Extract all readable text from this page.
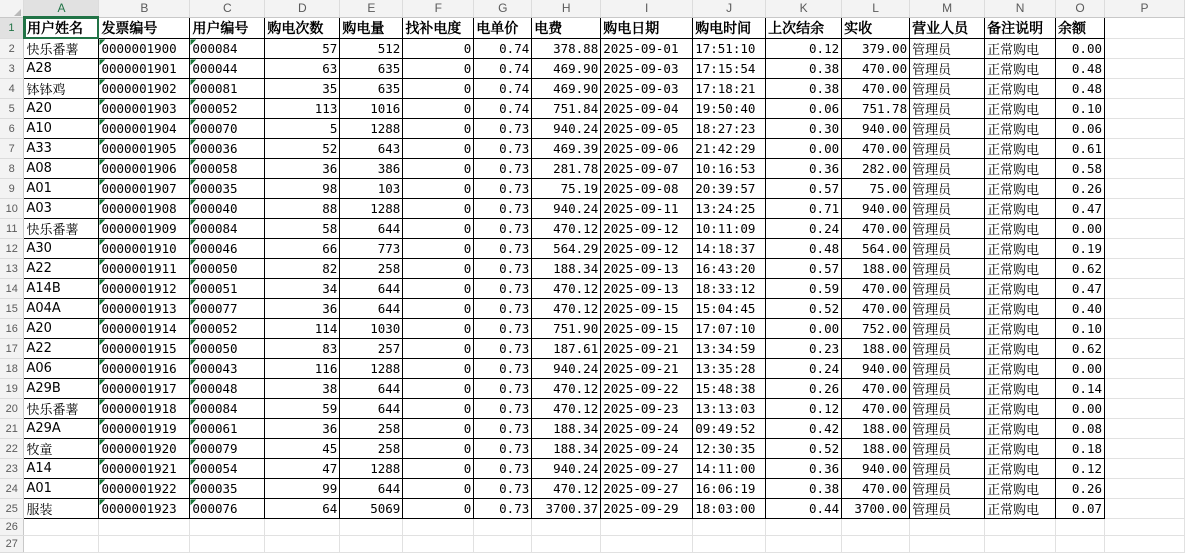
	A	B	C	D	E	F	G	H	I	J	K	L	M	N	O	P
1	用户姓名	发票编号	用户编号	购电次数	购电量	找补电度	电单价	电费	购电日期	购电时间	上次结余	实收	营业人员	备注说明	余额	
2	快乐番薯	0000001900	000084	57	512	0	0.74	378.88	2025-09-01	17:51:10	0.12	379.00	管理员	正常购电	0.00	
3	A28	0000001901	000044	63	635	0	0.74	469.90	2025-09-03	17:15:54	0.38	470.00	管理员	正常购电	0.48	
4	钵钵鸡	0000001902	000081	35	635	0	0.74	469.90	2025-09-03	17:18:21	0.38	470.00	管理员	正常购电	0.48	
5	A20	0000001903	000052	113	1016	0	0.74	751.84	2025-09-04	19:50:40	0.06	751.78	管理员	正常购电	0.10	
6	A10	0000001904	000070	5	1288	0	0.73	940.24	2025-09-05	18:27:23	0.30	940.00	管理员	正常购电	0.06	
7	A33	0000001905	000036	52	643	0	0.73	469.39	2025-09-06	21:42:29	0.00	470.00	管理员	正常购电	0.61	
8	A08	0000001906	000058	36	386	0	0.73	281.78	2025-09-07	10:16:53	0.36	282.00	管理员	正常购电	0.58	
9	A01	0000001907	000035	98	103	0	0.73	75.19	2025-09-08	20:39:57	0.57	75.00	管理员	正常购电	0.26	
10	A03	0000001908	000040	88	1288	0	0.73	940.24	2025-09-11	13:24:25	0.71	940.00	管理员	正常购电	0.47	
11	快乐番薯	0000001909	000084	58	644	0	0.73	470.12	2025-09-12	10:11:09	0.24	470.00	管理员	正常购电	0.00	
12	A30	0000001910	000046	66	773	0	0.73	564.29	2025-09-12	14:18:37	0.48	564.00	管理员	正常购电	0.19	
13	A22	0000001911	000050	82	258	0	0.73	188.34	2025-09-13	16:43:20	0.57	188.00	管理员	正常购电	0.62	
14	A14B	0000001912	000051	34	644	0	0.73	470.12	2025-09-13	18:33:12	0.59	470.00	管理员	正常购电	0.47	
15	A04A	0000001913	000077	36	644	0	0.73	470.12	2025-09-15	15:04:45	0.52	470.00	管理员	正常购电	0.40	
16	A20	0000001914	000052	114	1030	0	0.73	751.90	2025-09-15	17:07:10	0.00	752.00	管理员	正常购电	0.10	
17	A22	0000001915	000050	83	257	0	0.73	187.61	2025-09-21	13:34:59	0.23	188.00	管理员	正常购电	0.62	
18	A06	0000001916	000043	116	1288	0	0.73	940.24	2025-09-21	13:35:28	0.24	940.00	管理员	正常购电	0.00	
19	A29B	0000001917	000048	38	644	0	0.73	470.12	2025-09-22	15:48:38	0.26	470.00	管理员	正常购电	0.14	
20	快乐番薯	0000001918	000084	59	644	0	0.73	470.12	2025-09-23	13:13:03	0.12	470.00	管理员	正常购电	0.00	
21	A29A	0000001919	000061	36	258	0	0.73	188.34	2025-09-24	09:49:52	0.42	188.00	管理员	正常购电	0.08	
22	牧童	0000001920	000079	45	258	0	0.73	188.34	2025-09-24	12:30:35	0.52	188.00	管理员	正常购电	0.18	
23	A14	0000001921	000054	47	1288	0	0.73	940.24	2025-09-27	14:11:00	0.36	940.00	管理员	正常购电	0.12	
24	A01	0000001922	000035	99	644	0	0.73	470.12	2025-09-27	16:06:19	0.38	470.00	管理员	正常购电	0.26	
25	服装	0000001923	000076	64	5069	0	0.73	3700.37	2025-09-29	18:03:00	0.44	3700.00	管理员	正常购电	0.07	
26																
27																
